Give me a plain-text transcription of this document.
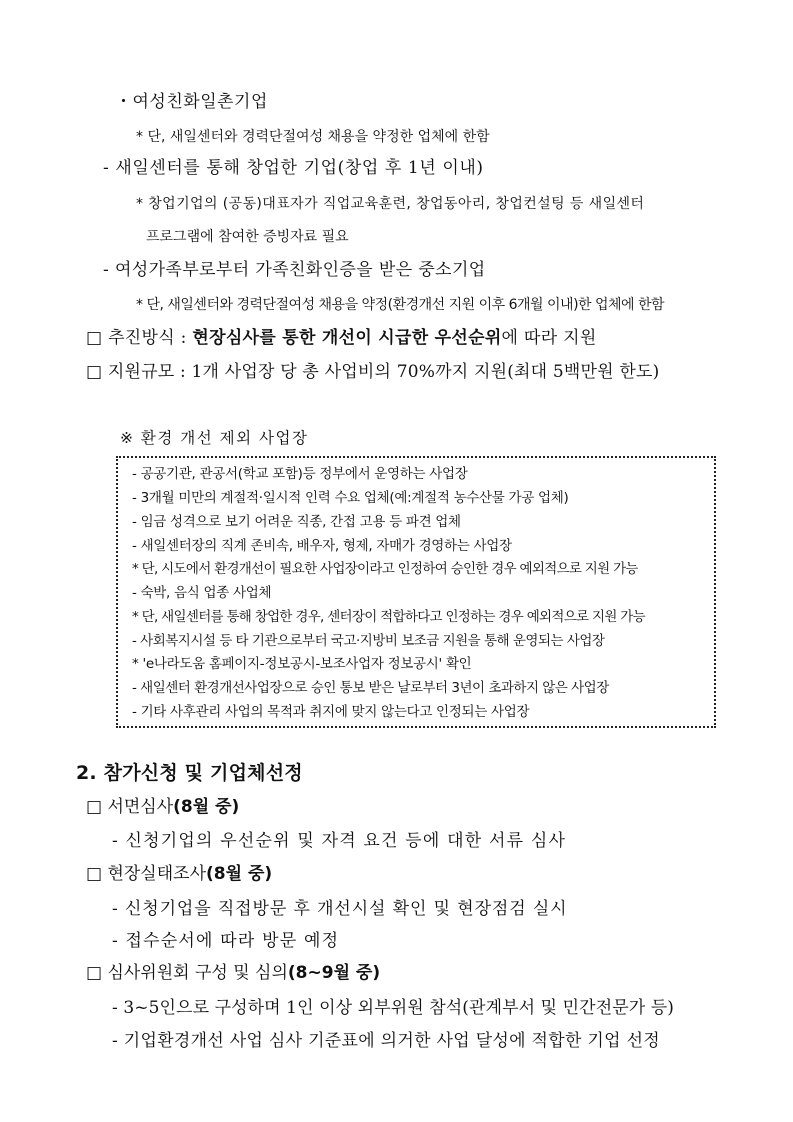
・여성친화일촌기업
* 단, 새일센터와 경력단절여성 채용을 약정한 업체에 한함
- 새일센터를 통해 창업한 기업(창업 후 1년 이내)
* 창업기업의 (공동)대표자가 직업교육훈련, 창업동아리, 창업컨설팅 등 새일센터
프로그램에 참여한 증빙자료 필요
- 여성가족부로부터 가족친화인증을 받은 중소기업
* 단, 새일센터와 경력단절여성 채용을 약정(환경개선 지원 이후 6개월 이내)한 업체에 한함
□ 추진방식 : 현장심사를 통한 개선이 시급한 우선순위에 따라 지원
□ 지원규모 : 1개 사업장 당 총 사업비의 70%까지 지원(최대 5백만원 한도)
※ 환경 개선 제외 사업장
- 공공기관, 관공서(학교 포함)등 정부에서 운영하는 사업장
- 3개월 미만의 계절적·일시적 인력 수요 업체(예:계절적 농수산물 가공 업체)
- 임금 성격으로 보기 어려운 직종, 간접 고용 등 파견 업체
- 새일센터장의 직계 존비속, 배우자, 형제, 자매가 경영하는 사업장
* 단, 시도에서 환경개선이 필요한 사업장이라고 인정하여 승인한 경우 예외적으로 지원 가능
- 숙박, 음식 업종 사업체
* 단, 새일센터를 통해 창업한 경우, 센터장이 적합하다고 인정하는 경우 예외적으로 지원 가능
- 사회복지시설 등 타 기관으로부터 국고·지방비 보조금 지원을 통해 운영되는 사업장
* 'e나라도움 홈페이지-정보공시-보조사업자 정보공시' 확인
- 새일센터 환경개선사업장으로 승인 통보 받은 날로부터 3년이 초과하지 않은 사업장
- 기타 사후관리 사업의 목적과 취지에 맞지 않는다고 인정되는 사업장
2. 참가신청 및 기업체선정
□ 서면심사(8월 중)
- 신청기업의 우선순위 및 자격 요건 등에 대한 서류 심사
□ 현장실태조사(8월 중)
- 신청기업을 직접방문 후 개선시설 확인 및 현장점검 실시
- 접수순서에 따라 방문 예정
□ 심사위원회 구성 및 심의(8~9월 중)
- 3~5인으로 구성하며 1인 이상 외부위원 참석(관계부서 및 민간전문가 등)
- 기업환경개선 사업 심사 기준표에 의거한 사업 달성에 적합한 기업 선정
